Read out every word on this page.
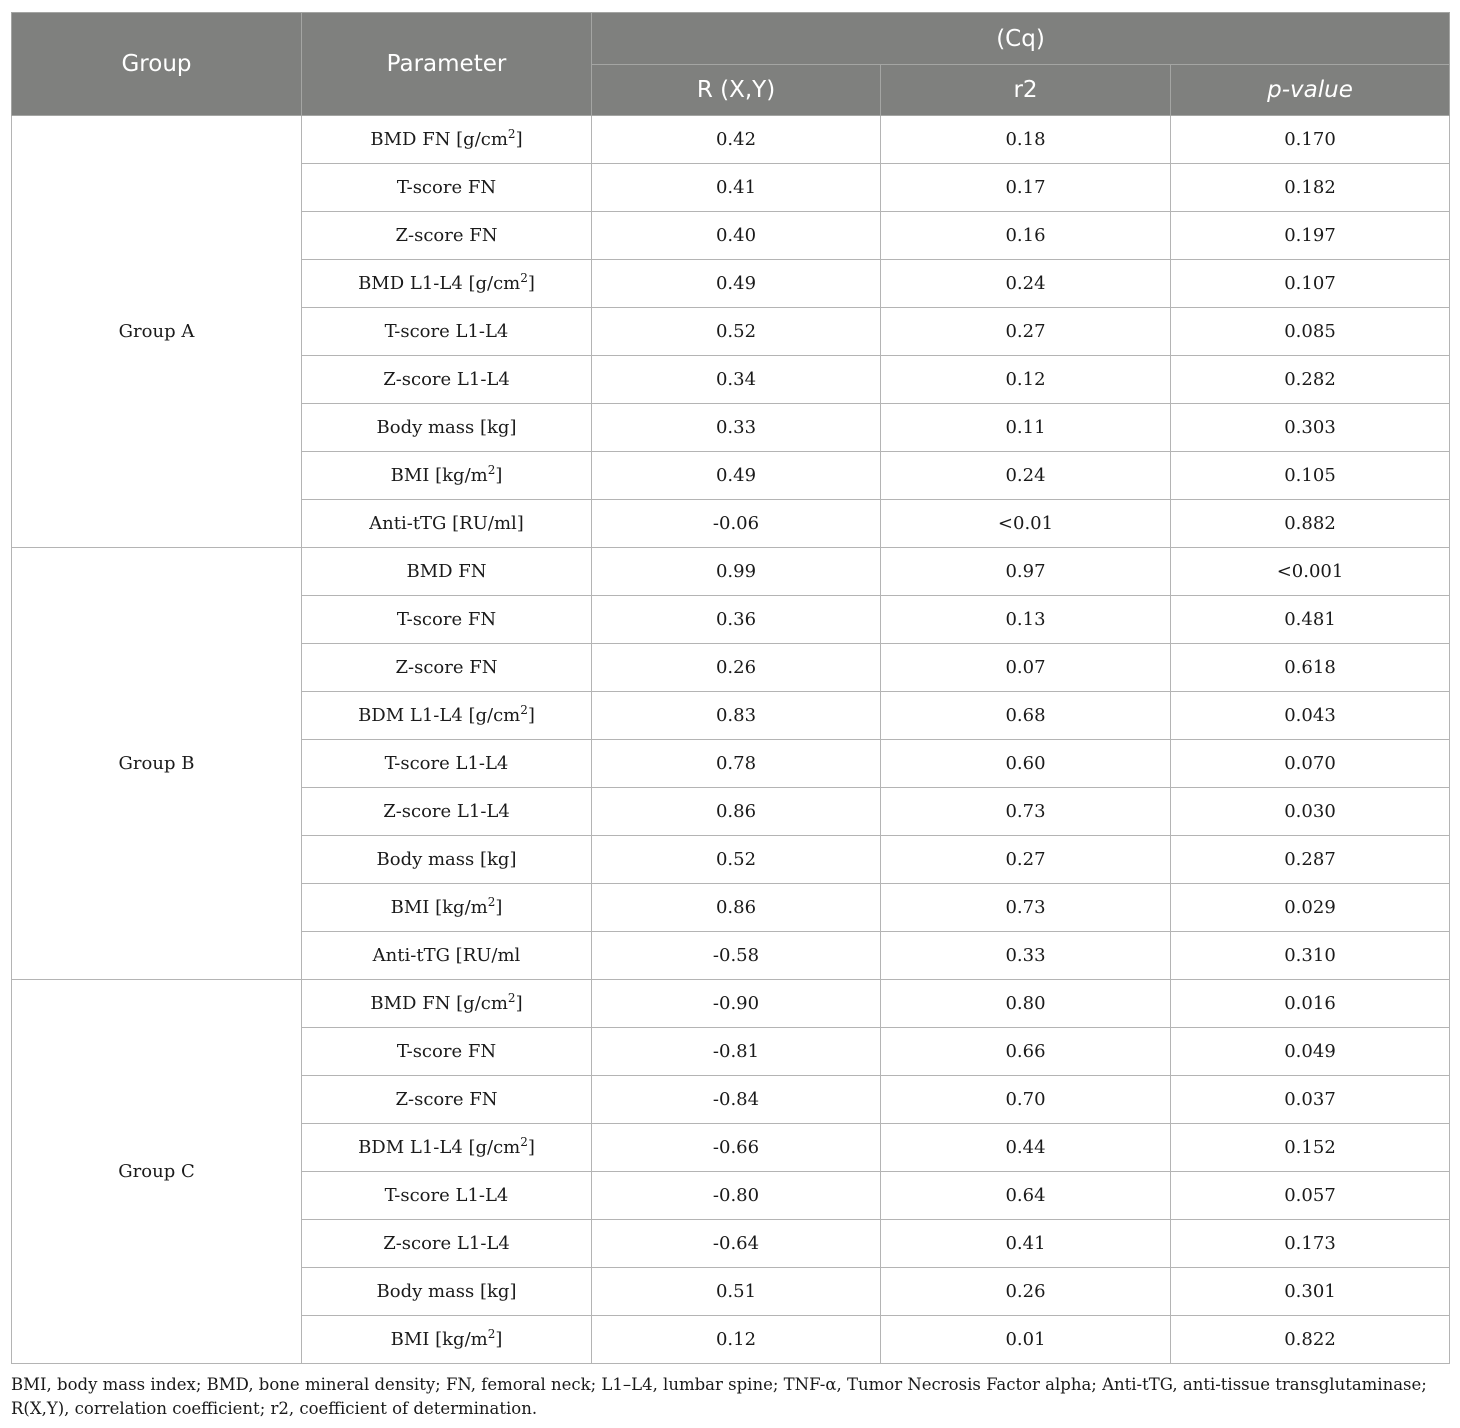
Group	Parameter	(Cq)		
		R (X,Y)	r2	p-value
Group A	BMD FN $[g/cm^2]$	0.42	0.18	0.170
	T-score FN	0.41	0.17	0.182
	Z-score FN	0.40	0.16	0.197
	BMD L1-L4 $[g/cm^2]$	0.49	0.24	0.107
	T-score L1-L4	0.52	0.27	0.085
	Z-score L1-L4	0.34	0.12	0.282
	Body mass [kg]	0.33	0.11	0.303
	BMI $[kg/m^2]$	0.49	0.24	0.105
	Anti-tTG [RU/ml]	-0.06	<0.01	0.882
Group B	BMD FN	0.99	0.97	<0.001
	T-score FN	0.36	0.13	0.481
	Z-score FN	0.26	0.07	0.618
	BDM L1-L4 $[g/cm^2]$	0.83	0.68	0.043
	T-score L1-L4	0.78	0.60	0.070
	Z-score L1-L4	0.86	0.73	0.030
	Body mass [kg]	0.52	0.27	0.287
	BMI $[kg/m^2]$	0.86	0.73	0.029
	Anti-tTG [RU/ml	-0.58	0.33	0.310
Group C	BMD FN $[g/cm^2]$	-0.90	0.80	0.016
	T-score FN	-0.81	0.66	0.049
	Z-score FN	-0.84	0.70	0.037
	BDM L1-L4 $[g/cm^2]$	-0.66	0.44	0.152
	T-score L1-L4	-0.80	0.64	0.057
	Z-score L1-L4	-0.64	0.41	0.173
	Body mass [kg]	0.51	0.26	0.301
	BMI $[kg/m^2]$	0.12	0.01	0.822

BMI, body mass index; BMD, bone mineral density; FN, femoral neck; L1–L4, lumbar spine; TNF-α, Tumor Necrosis Factor alpha; Anti-tTG, anti-tissue transglutaminase; R(X,Y), correlation coefficient; r2, coefficient of determination.
